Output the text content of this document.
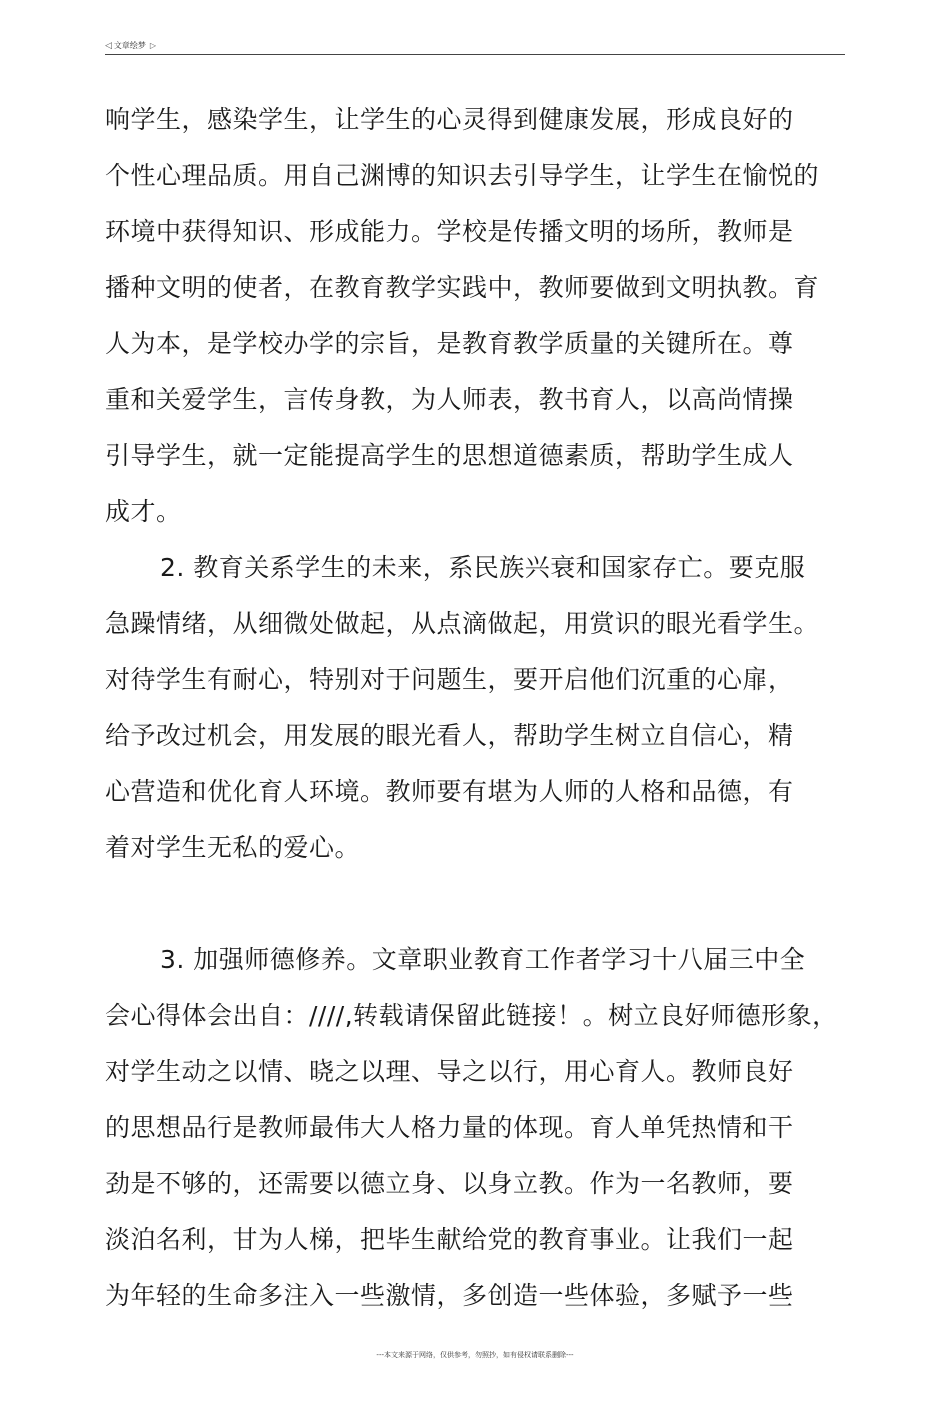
◁ 文章绘梦 ▷
响学生，感染学生，让学生的心灵得到健康发展，形成良好的
个性心理品质。用自己渊博的知识去引导学生，让学生在愉悦的
环境中获得知识、形成能力。学校是传播文明的场所，教师是
播种文明的使者，在教育教学实践中，教师要做到文明执教。育
人为本，是学校办学的宗旨，是教育教学质量的关键所在。尊
重和关爱学生，言传身教，为人师表，教书育人，以高尚情操
引导学生，就一定能提高学生的思想道德素质，帮助学生成人
成才。
2. 教育关系学生的未来，系民族兴衰和国家存亡。要克服
急躁情绪，从细微处做起，从点滴做起，用赏识的眼光看学生。
对待学生有耐心，特别对于问题生，要开启他们沉重的心扉，
给予改过机会，用发展的眼光看人，帮助学生树立自信心，精
心营造和优化育人环境。教师要有堪为人师的人格和品德，有
着对学生无私的爱心。
3. 加强师德修养。文章职业教育工作者学习十八届三中全
会心得体会出自：////,转载请保留此链接！。树立良好师德形象，
对学生动之以情、晓之以理、导之以行，用心育人。教师良好
的思想品行是教师最伟大人格力量的体现。育人单凭热情和干
劲是不够的，还需要以德立身、以身立教。作为一名教师，要
淡泊名利，甘为人梯，把毕生献给党的教育事业。让我们一起
为年轻的生命多注入一些激情，多创造一些体验，多赋予一些
---本文来源于网络，仅供参考，勿照抄，如有侵权请联系删除---
